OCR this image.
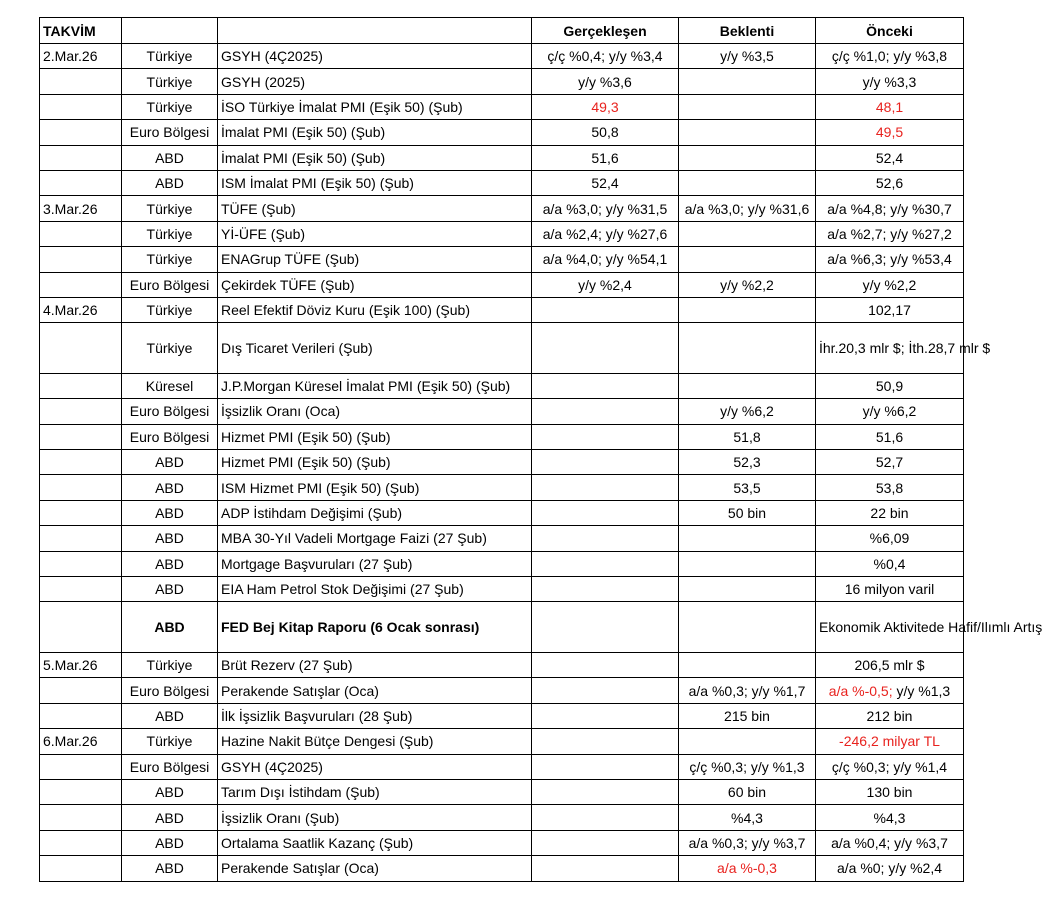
TAKVİM			Gerçekleşen	Beklenti	Önceki
2.Mar.26	Türkiye	GSYH (4Ç2025)	ç/ç %0,4; y/y %3,4	y/y %3,5	ç/ç %1,0; y/y %3,8
	Türkiye	GSYH (2025)	y/y %3,6		y/y %3,3
	Türkiye	İSO Türkiye İmalat PMI (Eşik 50) (Şub)	49,3		48,1
	Euro Bölgesi	İmalat PMI (Eşik 50) (Şub)	50,8		49,5
	ABD	İmalat PMI (Eşik 50) (Şub)	51,6		52,4
	ABD	ISM İmalat PMI (Eşik 50) (Şub)	52,4		52,6
3.Mar.26	Türkiye	TÜFE (Şub)	a/a %3,0; y/y %31,5	a/a %3,0; y/y %31,6	a/a %4,8; y/y %30,7
	Türkiye	Yİ-ÜFE (Şub)	a/a %2,4; y/y %27,6		a/a %2,7; y/y %27,2
	Türkiye	ENAGrup TÜFE (Şub)	a/a %4,0; y/y %54,1		a/a %6,3; y/y %53,4
	Euro Bölgesi	Çekirdek TÜFE (Şub)	y/y %2,4	y/y %2,2	y/y %2,2
4.Mar.26	Türkiye	Reel Efektif Döviz Kuru (Eşik 100) (Şub)			102,17
	Türkiye	Dış Ticaret Verileri (Şub)			İhr.20,3 mlr $; İth.28,7 mlr $
	Küresel	J.P.Morgan Küresel İmalat PMI (Eşik 50) (Şub)			50,9
	Euro Bölgesi	İşsizlik Oranı (Oca)		y/y %6,2	y/y %6,2
	Euro Bölgesi	Hizmet PMI (Eşik 50) (Şub)		51,8	51,6
	ABD	Hizmet PMI (Eşik 50) (Şub)		52,3	52,7
	ABD	ISM Hizmet PMI (Eşik 50) (Şub)		53,5	53,8
	ABD	ADP İstihdam Değişimi (Şub)		50 bin	22 bin
	ABD	MBA 30-Yıl Vadeli Mortgage Faizi (27 Şub)			%6,09
	ABD	Mortgage Başvuruları (27 Şub)			%0,4
	ABD	EIA Ham Petrol Stok Değişimi (27 Şub)			16 milyon varil
	ABD	FED Bej Kitap Raporu (6 Ocak sonrası)			Ekonomik Aktivitede Hafif/Ilımlı Artış
5.Mar.26	Türkiye	Brüt Rezerv (27 Şub)			206,5 mlr $
	Euro Bölgesi	Perakende Satışlar (Oca)		a/a %0,3; y/y %1,7	a/a %-0,5; y/y %1,3
	ABD	İlk İşsizlik Başvuruları (28 Şub)		215 bin	212 bin
6.Mar.26	Türkiye	Hazine Nakit Bütçe Dengesi (Şub)			-246,2 milyar TL
	Euro Bölgesi	GSYH (4Ç2025)		ç/ç %0,3; y/y %1,3	ç/ç %0,3; y/y %1,4
	ABD	Tarım Dışı İstihdam (Şub)		60 bin	130 bin
	ABD	İşsizlik Oranı (Şub)		%4,3	%4,3
	ABD	Ortalama Saatlik Kazanç (Şub)		a/a %0,3; y/y %3,7	a/a %0,4; y/y %3,7
	ABD	Perakende Satışlar (Oca)		a/a %-0,3	a/a %0; y/y %2,4
